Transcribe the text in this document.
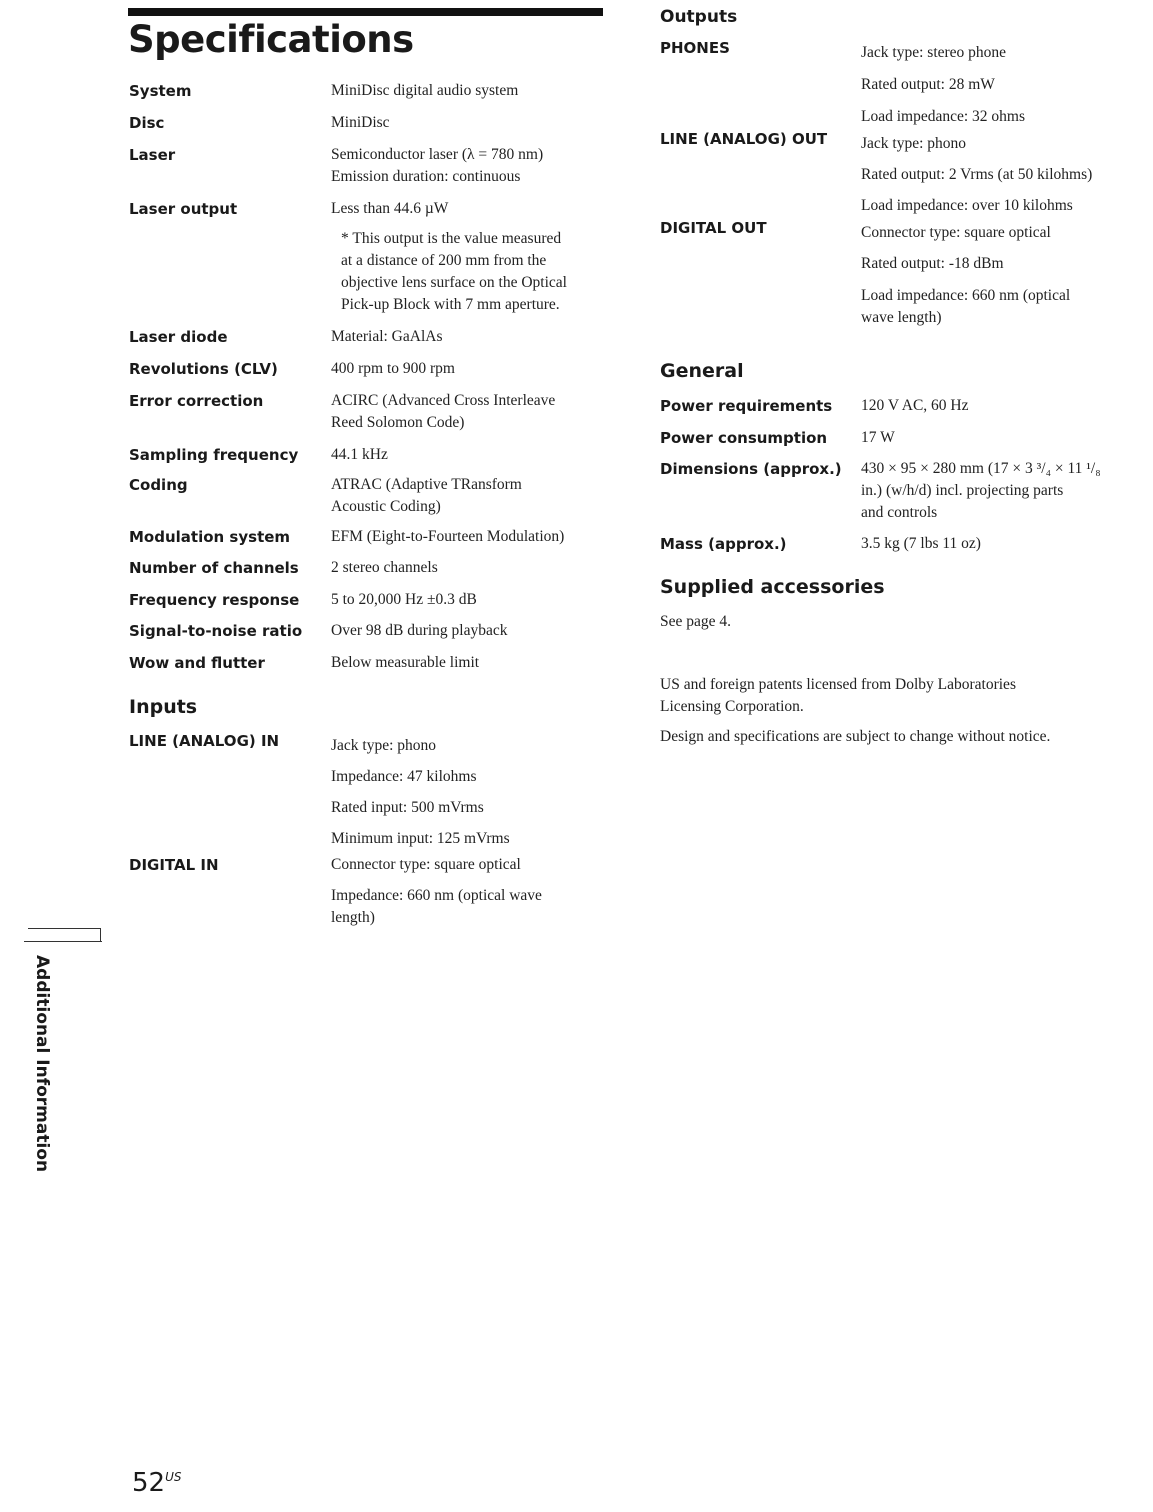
Specifications
System	MiniDisc digital audio system
Disc	MiniDisc
Laser	Semiconductor laser (λ = 780 nm)
Emission duration: continuous
Laser output	Less than 44.6 µW
* This output is the value measured
at a distance of 200 mm from the
objective lens surface on the Optical
Pick-up Block with 7 mm aperture.
Laser diode	Material: GaAlAs
Revolutions (CLV)	400 rpm to 900 rpm
Error correction	ACIRC (Advanced Cross Interleave
Reed Solomon Code)
Sampling frequency 44.1 kHz
Coding	ATRAC (Adaptive TRansform
Acoustic Coding)
Modulation system	EFM (Eight-to-Fourteen Modulation)
Number of channels 2 stereo channels
Frequency response 5 to 20,000 Hz ±0.3 dB
Signal-to-noise ratio Over 98 dB during playback
Wow and flutter	Below measurable limit
Inputs
LINE (ANALOG) IN	Jack type: phono
Impedance: 47 kilohms
Rated input: 500 mVrms
Minimum input: 125 mVrms
DIGITAL IN	Connector type: square optical
Impedance: 660 nm (optical wave
length)
Outputs
PHONES	Jack type: stereo phone
Rated output: 28 mW
Load impedance: 32 ohms
LINE (ANALOG) OUT Jack type: phono
Rated output: 2 Vrms (at 50 kilohms)
Load impedance: over 10 kilohms
DIGITAL OUT	Connector type: square optical
Rated output: -18 dBm
Load impedance: 660 nm (optical
wave length)
General
Power requirements 120 V AC, 60 Hz
Power consumption 17 W
Dimensions (approx.) 430 × 95 × 280 mm (17 × 3 ³/₄ × 11 ¹/₈
in.) (w/h/d) incl. projecting parts
and controls
Mass (approx.)	3.5 kg (7 lbs 11 oz)
Supplied accessories

See page 4.

US and foreign patents licensed from Dolby Laboratories
Licensing Corporation.

Design and specifications are subject to change without notice.

Additional Information
$52^{US}$
